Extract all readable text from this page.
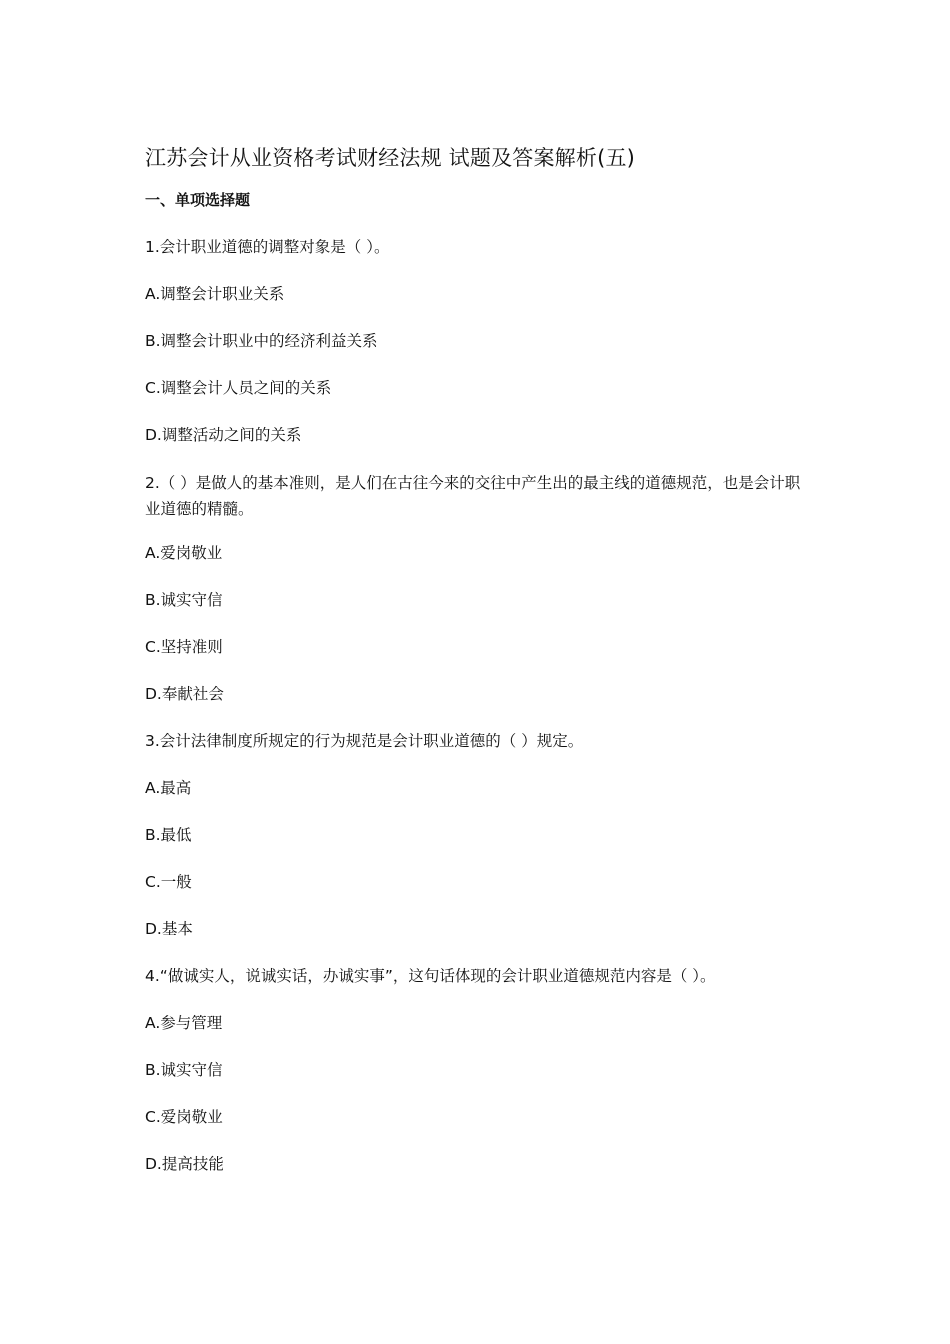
江苏会计从业资格考试财经法规 试题及答案解析(五)
一、单项选择题
1.会计职业道德的调整对象是（ ）。
A.调整会计职业关系
B.调整会计职业中的经济利益关系
C.调整会计人员之间的关系
D.调整活动之间的关系
2.（ ）是做人的基本准则，是人们在古往今来的交往中产生出的最主线的道德规范，也是会计职业道德的精髓。
A.爱岗敬业
B.诚实守信
C.坚持准则
D.奉献社会
3.会计法律制度所规定的行为规范是会计职业道德的（ ）规定。
A.最高
B.最低
C.一般
D.基本
4.“做诚实人，说诚实话，办诚实事”，这句话体现的会计职业道德规范内容是（ ）。
A.参与管理
B.诚实守信
C.爱岗敬业
D.提高技能
